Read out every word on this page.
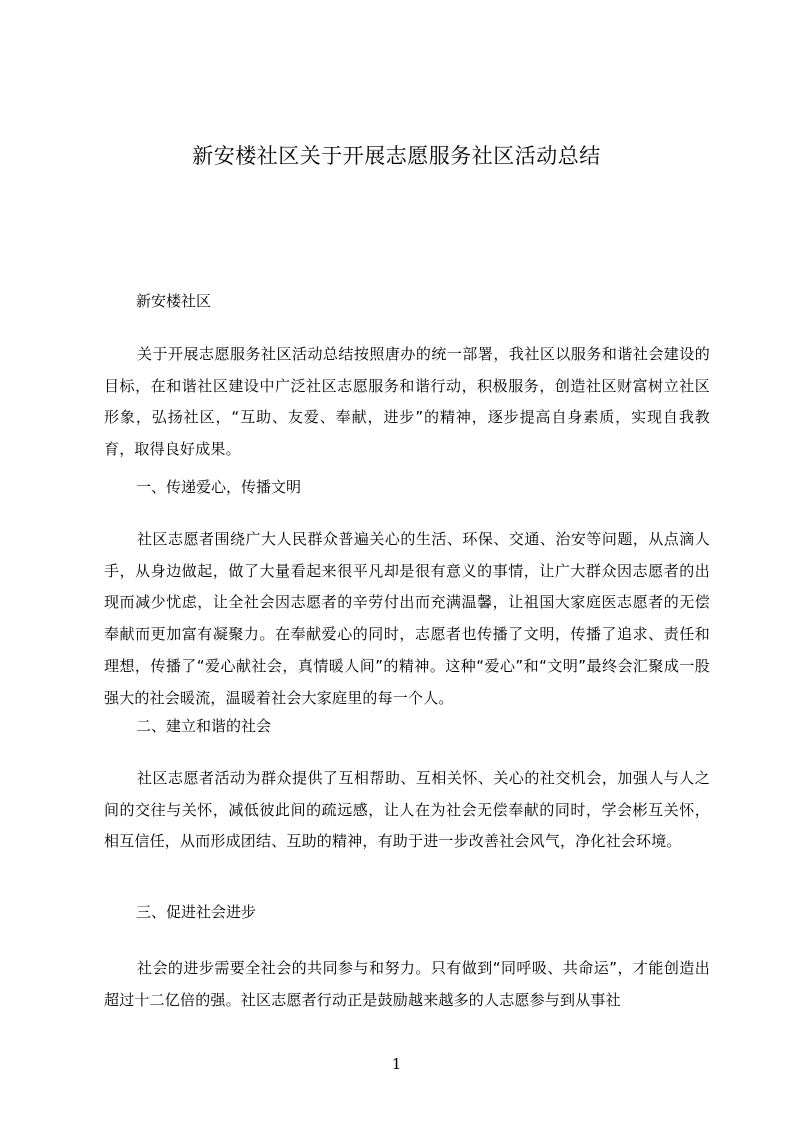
新安楼社区关于开展志愿服务社区活动总结
新安楼社区

关于开展志愿服务社区活动总结按照唐办的统一部署，我社区以服务和谐社会建设的目标，在和谐社区建设中广泛社区志愿服务和谐行动，积极服务，创造社区财富树立社区形象，弘扬社区，“互助、友爱、奉献，进步”的精神，逐步提高自身素质，实现自我教育，取得良好成果。

一、传递爱心，传播文明

社区志愿者围绕广大人民群众普遍关心的生活、环保、交通、治安等问题，从点滴人手，从身边做起，做了大量看起来很平凡却是很有意义的事情，让广大群众因志愿者的出现而减少忧虑，让全社会因志愿者的辛劳付出而充满温馨，让祖国大家庭医志愿者的无偿奉献而更加富有凝聚力。在奉献爱心的同时，志愿者也传播了文明，传播了追求、责任和理想，传播了“爱心献社会，真情暖人间”的精神。这种“爱心”和“文明”最终会汇聚成一股强大的社会暖流，温暖着社会大家庭里的每一个人。

二、建立和谐的社会

社区志愿者活动为群众提供了互相帮助、互相关怀、关心的社交机会，加强人与人之间的交往与关怀，减低彼此间的疏远感，让人在为社会无偿奉献的同时，学会彬互关怀，相互信任，从而形成团结、互助的精神，有助于进一步改善社会风气，净化社会环境。

三、促进社会进步

社会的进步需要全社会的共同参与和努力。只有做到“同呼吸、共命运”，才能创造出超过十二亿倍的强。社区志愿者行动正是鼓励越来越多的人志愿参与到从事社

1
